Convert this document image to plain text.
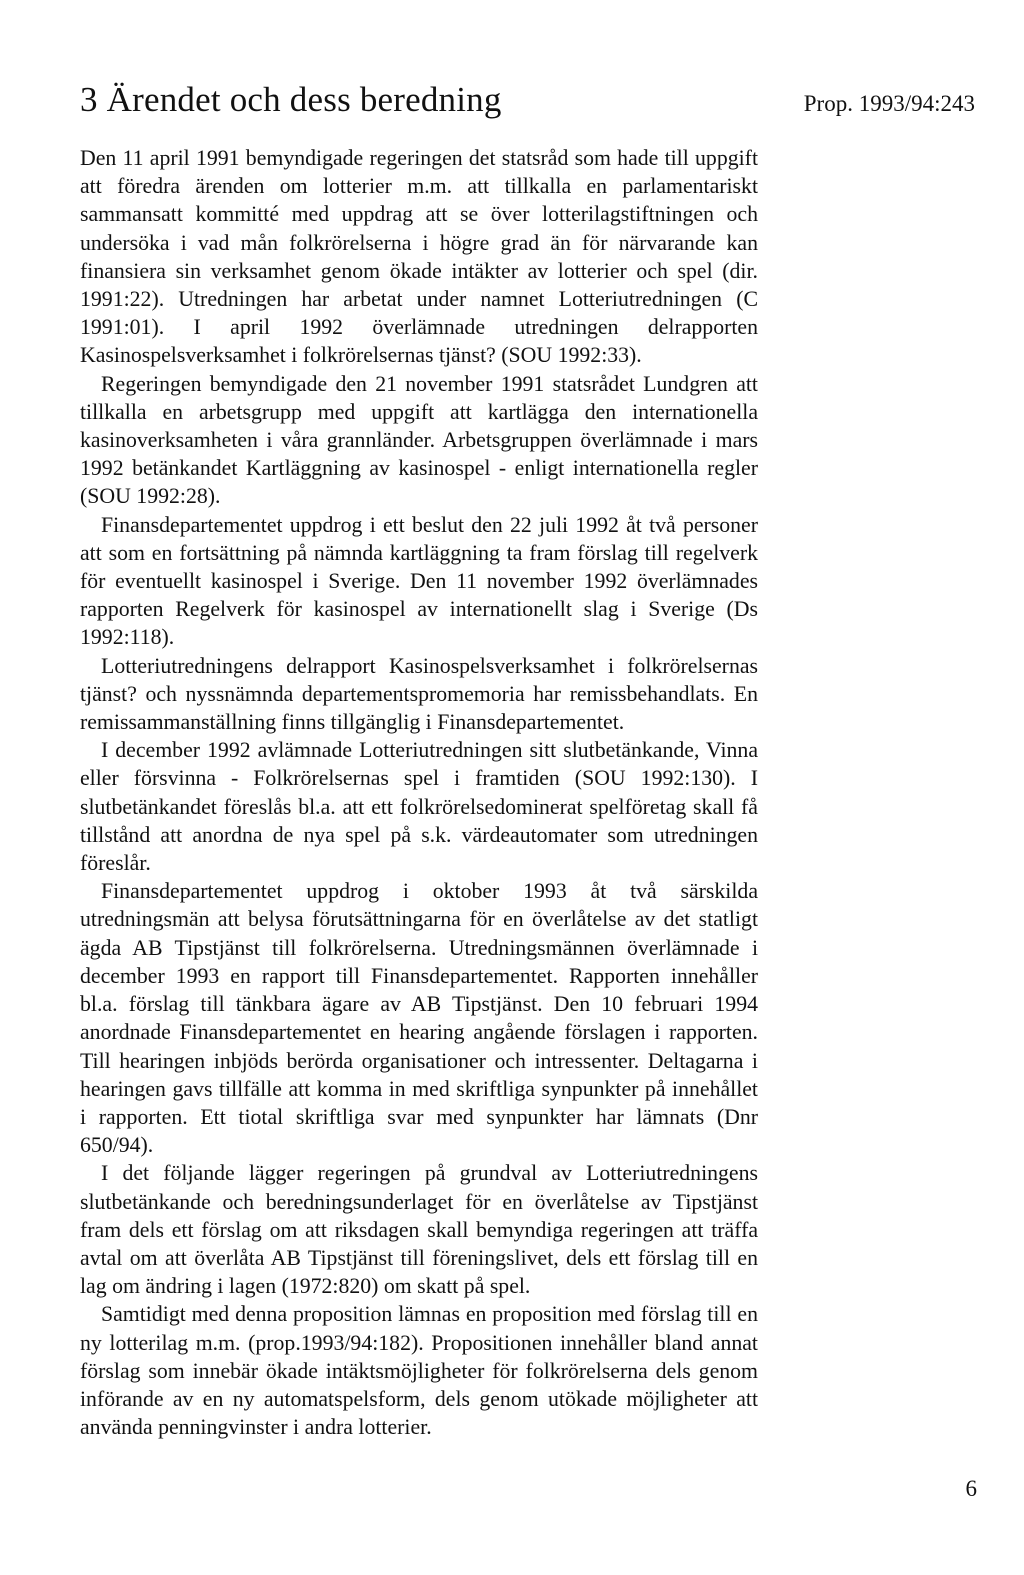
3 Ärendet och dess beredning	Prop. 1993/94:243

Den 11 april 1991 bemyndigade regeringen det statsråd som hade till uppgift att föredra ärenden om lotterier m.m. att tillkalla en parlamentariskt sammansatt kommitté med uppdrag att se över lotterilagstiftningen och undersöka i vad mån folkrörelserna i högre grad än för närvarande kan finansiera sin verksamhet genom ökade intäkter av lotterier och spel (dir. 1991:22). Utredningen har arbetat under namnet Lotteriutredningen (C 1991:01). I april 1992 överlämnade utredningen delrapporten Kasinospelsverksamhet i folkrörelsernas tjänst? (SOU 1992:33).

Regeringen bemyndigade den 21 november 1991 statsrådet Lundgren att tillkalla en arbetsgrupp med uppgift att kartlägga den internationella kasinoverksamheten i våra grannländer. Arbetsgruppen överlämnade i mars 1992 betänkandet Kartläggning av kasinospel - enligt internationella regler (SOU 1992:28).

Finansdepartementet uppdrog i ett beslut den 22 juli 1992 åt två personer att som en fortsättning på nämnda kartläggning ta fram förslag till regelverk för eventuellt kasinospel i Sverige. Den 11 november 1992 överlämnades rapporten Regelverk för kasinospel av internationellt slag i Sverige (Ds 1992:118).

Lotteriutredningens delrapport Kasinospelsverksamhet i folkrörelsernas tjänst? och nyssnämnda departementspromemoria har remissbehandlats. En remissammanställning finns tillgänglig i Finansdepartementet.

I december 1992 avlämnade Lotteriutredningen sitt slutbetänkande, Vinna eller försvinna - Folkrörelsernas spel i framtiden (SOU 1992:130). I slutbetänkandet föreslås bl.a. att ett folkrörelsedominerat spelföretag skall få tillstånd att anordna de nya spel på s.k. värdeautomater som utredningen föreslår.

Finansdepartementet uppdrog i oktober 1993 åt två särskilda utredningsmän att belysa förutsättningarna för en överlåtelse av det statligt ägda AB Tipstjänst till folkrörelserna. Utredningsmännen överlämnade i december 1993 en rapport till Finansdepartementet. Rapporten innehåller bl.a. förslag till tänkbara ägare av AB Tipstjänst. Den 10 februari 1994 anordnade Finansdepartementet en hearing angående förslagen i rapporten. Till hearingen inbjöds berörda organisationer och intressenter. Deltagarna i hearingen gavs tillfälle att komma in med skriftliga synpunkter på innehållet i rapporten. Ett tiotal skriftliga svar med synpunkter har lämnats (Dnr 650/94).

I det följande lägger regeringen på grundval av Lotteriutredningens slutbetänkande och beredningsunderlaget för en överlåtelse av Tipstjänst fram dels ett förslag om att riksdagen skall bemyndiga regeringen att träffa avtal om att överlåta AB Tipstjänst till föreningslivet, dels ett förslag till en lag om ändring i lagen (1972:820) om skatt på spel.

Samtidigt med denna proposition lämnas en proposition med förslag till en ny lotterilag m.m. (prop.1993/94:182). Propositionen innehåller bland annat förslag som innebär ökade intäktsmöjligheter för folkrörelserna dels genom införande av en ny automatspelsform, dels genom utökade möjligheter att använda penningvinster i andra lotterier.

6
